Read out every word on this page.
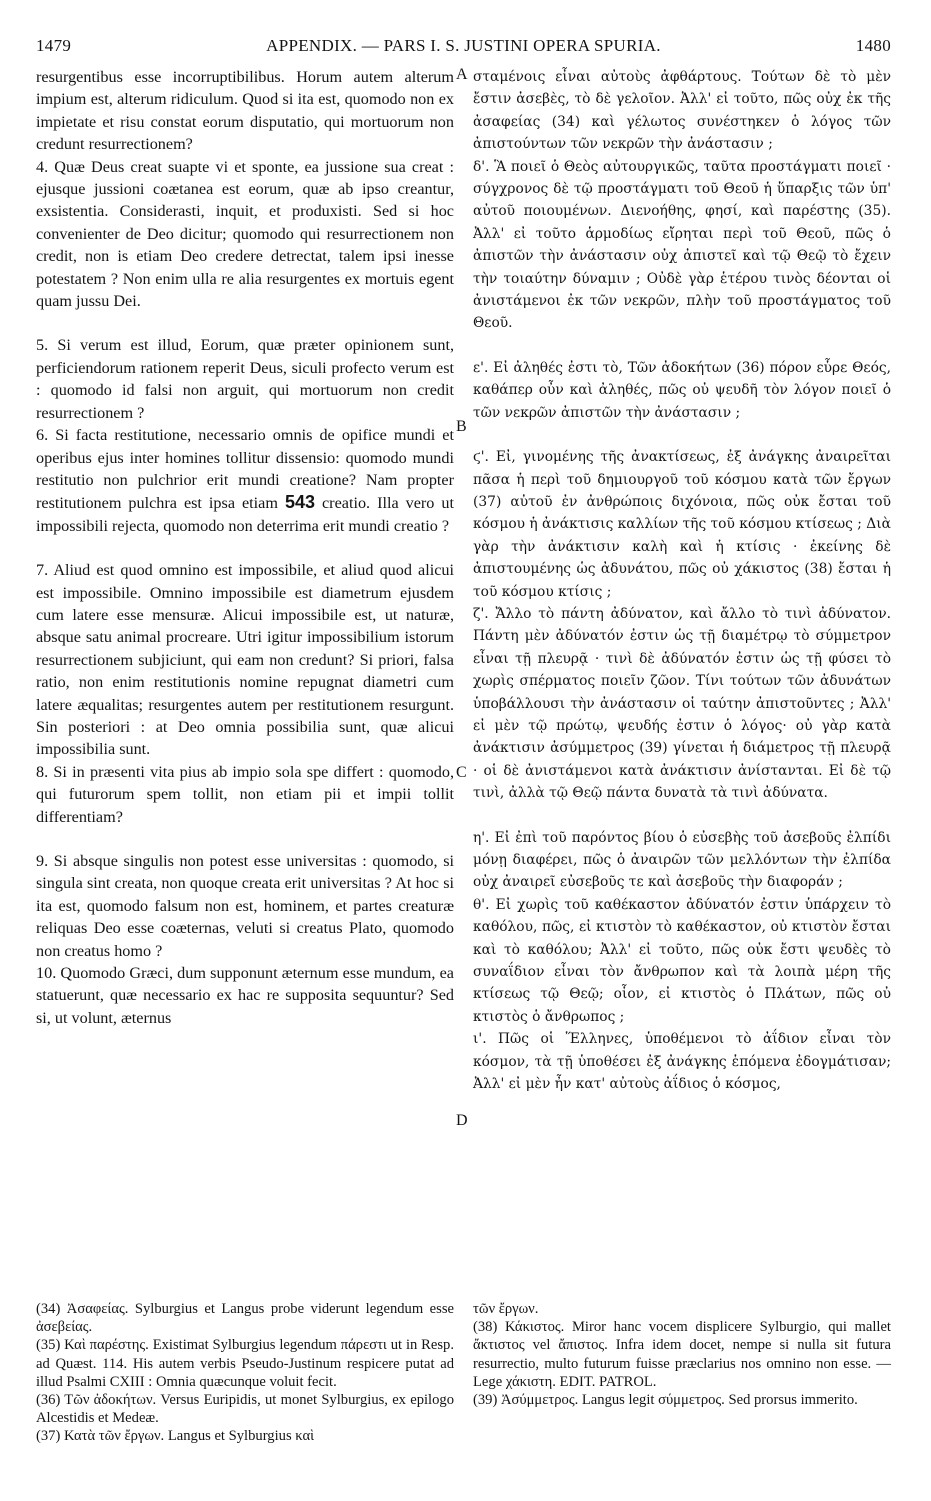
1479	APPENDIX. — PARS I. S. JUSTINI OPERA SPURIA.	1480

resurgentibus esse incorruptibilibus. Horum autem alterum impium est, alterum ridiculum. Quod si ita est, quomodo non ex impietate et risu constat eorum disputatio, qui mortuorum non credunt resurrectionem?

4. Quæ Deus creat suapte vi et sponte, ea jussione sua creat : ejusque jussioni coætanea est eorum, quæ ab ipso creantur, exsistentia. Considerasti, inquit, et produxisti. Sed si hoc convenienter de Deo dicitur; quomodo qui resurrectionem non credit, non is etiam Deo credere detrectat, talem ipsi inesse potestatem ? Non enim ulla re alia resurgentes ex mortuis egent quam jussu Dei.

5. Si verum est illud, Eorum, quæ præter opinionem sunt, perficiendorum rationem reperit Deus, siculi profecto verum est : quomodo id falsi non arguit, qui mortuorum non credit resurrectionem ?

6. Si facta restitutione, necessario omnis de opifice mundi et operibus ejus inter homines tollitur dissensio: quomodo mundi restitutio non pulchrior erit mundi creatione? Nam propter restitutionem pulchra est ipsa etiam 543 creatio. Illa vero ut impossibili rejecta, quomodo non deterrima erit mundi creatio ?

7. Aliud est quod omnino est impossibile, et aliud quod alicui est impossibile. Omnino impossibile est diametrum ejusdem cum latere esse mensuræ. Alicui impossibile est, ut naturæ, absque satu animal procreare. Utri igitur impossibilium istorum resurrectionem subjiciunt, qui eam non credunt? Si priori, falsa ratio, non enim restitutionis nomine repugnat diametri cum latere æqualitas; resurgentes autem per restitutionem resurgunt. Sin posteriori : at Deo omnia possibilia sunt, quæ alicui impossibilia sunt.

8. Si in præsenti vita pius ab impio sola spe differt : quomodo, qui futurorum spem tollit, non etiam pii et impii tollit differentiam?

9. Si absque singulis non potest esse universitas : quomodo, si singula sint creata, non quoque creata erit universitas ? At hoc si ita est, quomodo falsum non est, hominem, et partes creaturæ reliquas Deo esse coæternas, veluti si creatus Plato, quomodo non creatus homo ?

10. Quomodo Græci, dum supponunt æternum esse mundum, ea statuerunt, quæ necessario ex hac re supposita sequuntur? Sed si, ut volunt, æternus

A
B
C
D

σταμένοις εἶναι αὐτοὺς ἀφθάρτους. Τούτων δὲ τὸ μὲν ἔστιν ἀσεβὲς, τὸ δὲ γελοῖον. Ἀλλ' εἰ τοῦτο, πῶς οὐχ ἐκ τῆς ἀσαφείας (34) καὶ γέλωτος συνέστηκεν ὁ λόγος τῶν ἀπιστούντων τῶν νεκρῶν τὴν ἀνάστασιν ;

δ'. Ἃ ποιεῖ ὁ Θεὸς αὐτουργικῶς, ταῦτα προστάγματι ποιεῖ · σύγχρονος δὲ τῷ προστάγματι τοῦ Θεοῦ ἡ ὕπαρξις τῶν ὑπ' αὐτοῦ ποιουμένων. Διενοήθης, φησί, καὶ παρέστης (35). Ἀλλ' εἰ τοῦτο ἁρμοδίως εἴρηται περὶ τοῦ Θεοῦ, πῶς ὁ ἀπιστῶν τὴν ἀνάστασιν οὐχ ἀπιστεῖ καὶ τῷ Θεῷ τὸ ἔχειν τὴν τοιαύτην δύναμιν ; Οὐδὲ γὰρ ἑτέρου τινὸς δέονται οἱ ἀνιστάμενοι ἐκ τῶν νεκρῶν, πλὴν τοῦ προστάγματος τοῦ Θεοῦ.

ε'. Εἰ ἀληθές ἐστι τὸ, Τῶν ἀδοκήτων (36) πόρον εὗρε Θεός, καθάπερ οὖν καὶ ἀληθές, πῶς οὐ ψευδῆ τὸν λόγον ποιεῖ ὁ τῶν νεκρῶν ἀπιστῶν τὴν ἀνάστασιν ;

ϛ'. Εἰ, γινομένης τῆς ἀνακτίσεως, ἐξ ἀνάγκης ἀναιρεῖται πᾶσα ἡ περὶ τοῦ δημιουργοῦ τοῦ κόσμου κατὰ τῶν ἔργων (37) αὐτοῦ ἐν ἀνθρώποις διχόνοια, πῶς οὐκ ἔσται τοῦ κόσμου ἡ ἀνάκτισις καλλίων τῆς τοῦ κόσμου κτίσεως ; Διὰ γὰρ τὴν ἀνάκτισιν καλὴ καὶ ἡ κτίσις · ἐκείνης δὲ ἀπιστουμένης ὡς ἀδυνάτου, πῶς οὐ χάκιστος (38) ἔσται ἡ τοῦ κόσμου κτίσις ;

ζ'. Ἄλλο τὸ πάντη ἀδύνατον, καὶ ἄλλο τὸ τινὶ ἀδύνατον. Πάντη μὲν ἀδύνατόν ἐστιν ὡς τῇ διαμέτρῳ τὸ σύμμετρον εἶναι τῇ πλευρᾷ · τινὶ δὲ ἀδύνατόν ἐστιν ὡς τῇ φύσει τὸ χωρὶς σπέρματος ποιεῖν ζῶον. Τίνι τούτων τῶν ἀδυνάτων ὑποβάλλουσι τὴν ἀνάστασιν οἱ ταύτην ἀπιστοῦντες ; Ἀλλ' εἰ μὲν τῷ πρώτῳ, ψευδής ἐστιν ὁ λόγος· οὐ γὰρ κατὰ ἀνάκτισιν ἀσύμμετρος (39) γίνεται ἡ διάμετρος τῇ πλευρᾷ · οἱ δὲ ἀνιστάμενοι κατὰ ἀνάκτισιν ἀνίστανται. Εἰ δὲ τῷ τινὶ, ἀλλὰ τῷ Θεῷ πάντα δυνατὰ τὰ τινὶ ἀδύνατα.

η'. Εἰ ἐπὶ τοῦ παρόντος βίου ὁ εὐσεβὴς τοῦ ἀσεβοῦς ἐλπίδι μόνῃ διαφέρει, πῶς ὁ ἀναιρῶν τῶν μελλόντων τὴν ἐλπίδα οὐχ ἀναιρεῖ εὐσεβοῦς τε καὶ ἀσεβοῦς τὴν διαφοράν ;

θ'. Εἰ χωρὶς τοῦ καθέκαστον ἀδύνατόν ἐστιν ὑπάρχειν τὸ καθόλου, πῶς, εἰ κτιστὸν τὸ καθέκαστον, οὐ κτιστὸν ἔσται καὶ τὸ καθόλου; Ἀλλ' εἰ τοῦτο, πῶς οὐκ ἔστι ψευδὲς τὸ συναΐδιον εἶναι τὸν ἄνθρωπον καὶ τὰ λοιπὰ μέρη τῆς κτίσεως τῷ Θεῷ; οἷον, εἰ κτιστὸς ὁ Πλάτων, πῶς οὐ κτιστὸς ὁ ἄνθρωπος ;

ι'. Πῶς οἱ Ἕλληνες, ὑποθέμενοι τὸ ἀΐδιον εἶναι τὸν κόσμον, τὰ τῇ ὑποθέσει ἐξ ἀνάγκης ἑπόμενα ἐδογμάτισαν; Ἀλλ' εἰ μὲν ἦν κατ' αὐτοὺς ἀΐδιος ὁ κόσμος,

(34) Ἀσαφείας. Sylburgius et Langus probe viderunt legendum esse ἀσεβείας.

(35) Καὶ παρέστης. Existimat Sylburgius legendum πάρεστι ut in Resp. ad Quæst. 114. His autem verbis Pseudo-Justinum respicere putat ad illud Psalmi CXIII : Omnia quæcunque voluit fecit.

(36) Τῶν ἀδοκήτων. Versus Euripidis, ut monet Sylburgius, ex epilogo Alcestidis et Medeæ.

(37) Κατὰ τῶν ἔργων. Langus et Sylburgius καὶ

τῶν ἔργων.

(38) Κάκιστος. Miror hanc vocem displicere Sylburgio, qui mallet ἄκτιστος vel ἄπιστος. Infra idem docet, nempe si nulla sit futura resurrectio, multo futurum fuisse præclarius nos omnino non esse. — Lege χάκιστη. EDIT. PATROL.

(39) Ἀσύμμετρος. Langus legit σύμμετρος. Sed prorsus immerito.
